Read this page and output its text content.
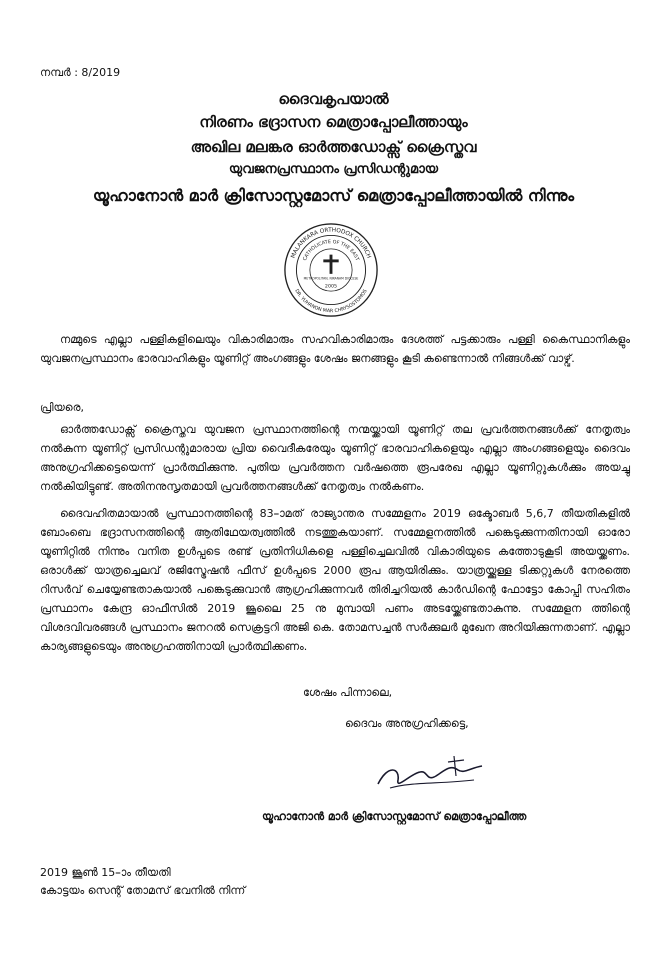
നമ്പര്‍ : 8/2019
ദൈവകൃപയാല്‍
നിരണം ഭദ്രാസന മെത്രാപ്പോലീത്തായും
അഖില മലങ്കര ഓര്‍ത്തഡോക്സ് ക്രൈസ്തവ
യുവജനപ്രസ്ഥാനം പ്രസിഡന്റുമായ
യൂഹാനോന്‍ മാര്‍ ക്രിസോസ്റ്റമോസ് മെത്രാപ്പോലീത്തായില്‍ നിന്നും
MALANKARA ORTHODOX CHURCH
CATHOLICATE OF THE EAST
DR. YUHANON MAR CHRYSOSTOMOS
METROPOLITAN, NIRANAM DIOCESE
2005
നമ്മുടെ എല്ലാ പള്ളികളിലെയും വികാരിമാരും സഹവികാരിമാരും ദേശത്ത് പട്ടക്കാരും പള്ളി കൈസ്ഥാനികളും യുവജനപ്രസ്ഥാനം ഭാരവാഹികളും യൂണിറ്റ് അംഗങ്ങളും ശേഷം ജനങ്ങളും കൂടി കണ്ടെന്നാല്‍ നിങ്ങള്‍ക്ക് വാഴ്വ്.
പ്രിയരെ,
ഓര്‍ത്തഡോക്സ് ക്രൈസ്തവ യുവജന പ്രസ്ഥാനത്തിന്റെ നന്മയ്ക്കായി യൂണിറ്റ് തല പ്രവര്‍ത്തനങ്ങള്‍ക്ക് നേതൃത്വം നല്‍കുന്ന യൂണിറ്റ് പ്രസിഡന്റുമാരായ പ്രിയ വൈദീകരേയും യൂണിറ്റ് ഭാരവാഹികളെയും എല്ലാ അംഗങ്ങളെയും ദൈവം അനുഗ്രഹിക്കട്ടെയെന്ന് പ്രാര്‍ത്ഥിക്കുന്നു. പുതിയ പ്രവര്‍ത്തന വര്‍ഷത്തെ രൂപരേഖ എല്ലാ യൂണിറ്റുകള്‍ക്കും അയച്ചു നല്‍കിയിട്ടുണ്ട്. അതിനനുസൃതമായി പ്രവര്‍ത്തനങ്ങള്‍ക്ക് നേതൃത്വം നല്‍കണം.
ദൈവഹിതമായാല്‍ പ്രസ്ഥാനത്തിന്റെ 83–ാമത് രാജ്യാന്തര സമ്മേളനം 2019 ഒക്ടോബര്‍ 5,6,7 തീയതികളില്‍ ബോംബെ ഭദ്രാസനത്തിന്റെ ആതിഥേയത്വത്തില്‍ നടത്തുകയാണ്. സമ്മേളനത്തില്‍ പങ്കെടുക്കുന്നതിനായി ഓരോ യൂണിറ്റില്‍ നിന്നും വനിത ഉള്‍പ്പടെ രണ്ട് പ്രതിനിധികളെ പള്ളിച്ചെലവില്‍ വികാരിയുടെ കത്തോടുകൂടി അയയ്ക്കണം. ഒരാള്‍ക്ക് യാത്രച്ചെലവ് രജിസ്ട്രേഷന്‍ ഫീസ് ഉള്‍പ്പടെ 2000 രൂപ ആയിരിക്കും. യാത്രയ്ക്കുള്ള ടിക്കറ്റുകള്‍ നേരത്തെ റിസര്‍വ് ചെയ്യേണ്ടതാകയാല്‍ പങ്കെടുക്കുവാന്‍ ആഗ്രഹിക്കുന്നവര്‍ തിരിച്ചറിയല്‍ കാര്‍ഡിന്റെ ഫോട്ടോ കോപ്പി സഹിതം പ്രസ്ഥാനം കേന്ദ്ര ഓഫീസില്‍ 2019 ജൂലൈ 25 നു മുമ്പായി പണം അടയ്ക്കേണ്ടതാകുന്നു. സമ്മേളന ത്തിന്റെ വിശദവിവരങ്ങള്‍ പ്രസ്ഥാനം ജനറല്‍ സെക്രട്ടറി അജി കെ. തോമസച്ചന്‍ സര്‍ക്കുലര്‍ മുഖേന അറിയിക്കുന്നതാണ്. എല്ലാ കാര്യങ്ങളുടെയും അനുഗ്രഹത്തിനായി പ്രാര്‍ത്ഥിക്കണം.
ശേഷം പിന്നാലെ,
ദൈവം അനുഗ്രഹിക്കട്ടെ,
യൂഹാനോന്‍ മാര്‍ ക്രിസോസ്റ്റമോസ് മെത്രാപ്പോലീത്ത
2019 ജൂണ്‍ 15–ാം തീയതി
കോട്ടയം സെന്റ് തോമസ് ഭവനില്‍ നിന്ന്
